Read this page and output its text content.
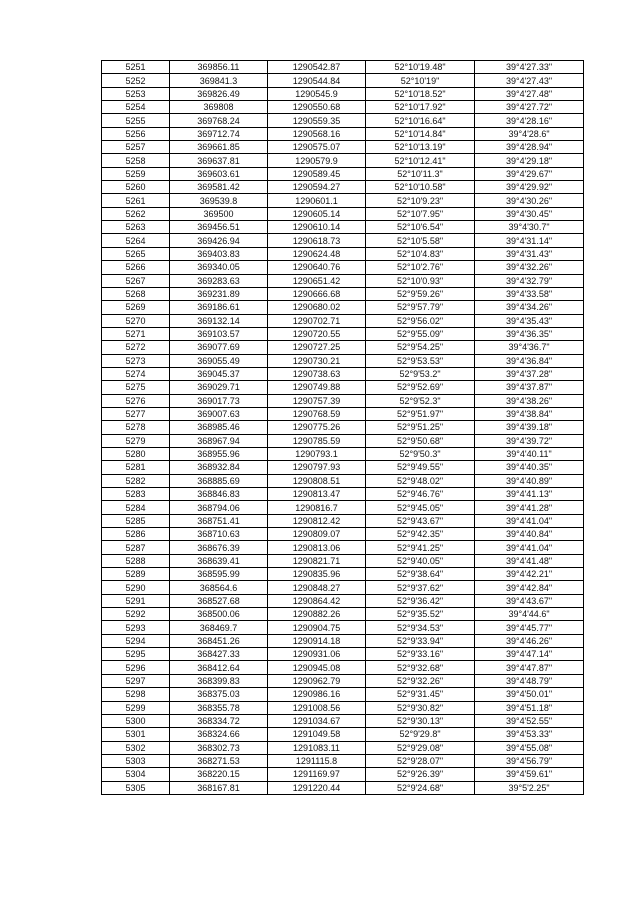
5251	369856.11	1290542.87	52°10'19.48"	39°4'27.33"
5252	369841.3	1290544.84	52°10'19"	39°4'27.43"
5253	369826.49	1290545.9	52°10'18.52"	39°4'27.48"
5254	369808	1290550.68	52°10'17.92"	39°4'27.72"
5255	369768.24	1290559.35	52°10'16.64"	39°4'28.16"
5256	369712.74	1290568.16	52°10'14.84"	39°4'28.6"
5257	369661.85	1290575.07	52°10'13.19"	39°4'28.94"
5258	369637.81	1290579.9	52°10'12.41"	39°4'29.18"
5259	369603.61	1290589.45	52°10'11.3"	39°4'29.67"
5260	369581.42	1290594.27	52°10'10.58"	39°4'29.92"
5261	369539.8	1290601.1	52°10'9.23"	39°4'30.26"
5262	369500	1290605.14	52°10'7.95"	39°4'30.45"
5263	369456.51	1290610.14	52°10'6.54"	39°4'30.7"
5264	369426.94	1290618.73	52°10'5.58"	39°4'31.14"
5265	369403.83	1290624.48	52°10'4.83"	39°4'31.43"
5266	369340.05	1290640.76	52°10'2.76"	39°4'32.26"
5267	369283.63	1290651.42	52°10'0.93"	39°4'32.79"
5268	369231.89	1290666.68	52°9'59.26"	39°4'33.58"
5269	369186.61	1290680.02	52°9'57.79"	39°4'34.26"
5270	369132.14	1290702.71	52°9'56.02"	39°4'35.43"
5271	369103.57	1290720.55	52°9'55.09"	39°4'36.35"
5272	369077.69	1290727.25	52°9'54.25"	39°4'36.7"
5273	369055.49	1290730.21	52°9'53.53"	39°4'36.84"
5274	369045.37	1290738.63	52°9'53.2"	39°4'37.28"
5275	369029.71	1290749.88	52°9'52.69"	39°4'37.87"
5276	369017.73	1290757.39	52°9'52.3"	39°4'38.26"
5277	369007.63	1290768.59	52°9'51.97"	39°4'38.84"
5278	368985.46	1290775.26	52°9'51.25"	39°4'39.18"
5279	368967.94	1290785.59	52°9'50.68"	39°4'39.72"
5280	368955.96	1290793.1	52°9'50.3"	39°4'40.11"
5281	368932.84	1290797.93	52°9'49.55"	39°4'40.35"
5282	368885.69	1290808.51	52°9'48.02"	39°4'40.89"
5283	368846.83	1290813.47	52°9'46.76"	39°4'41.13"
5284	368794.06	1290816.7	52°9'45.05"	39°4'41.28"
5285	368751.41	1290812.42	52°9'43.67"	39°4'41.04"
5286	368710.63	1290809.07	52°9'42.35"	39°4'40.84"
5287	368676.39	1290813.06	52°9'41.25"	39°4'41.04"
5288	368639.41	1290821.71	52°9'40.05"	39°4'41.48"
5289	368595.99	1290835.96	52°9'38.64"	39°4'42.21"
5290	368564.6	1290848.27	52°9'37.62"	39°4'42.84"
5291	368527.68	1290864.42	52°9'36.42"	39°4'43.67"
5292	368500.06	1290882.26	52°9'35.52"	39°4'44.6"
5293	368469.7	1290904.75	52°9'34.53"	39°4'45.77"
5294	368451.26	1290914.18	52°9'33.94"	39°4'46.26"
5295	368427.33	1290931.06	52°9'33.16"	39°4'47.14"
5296	368412.64	1290945.08	52°9'32.68"	39°4'47.87"
5297	368399.83	1290962.79	52°9'32.26"	39°4'48.79"
5298	368375.03	1290986.16	52°9'31.45"	39°4'50.01"
5299	368355.78	1291008.56	52°9'30.82"	39°4'51.18"
5300	368334.72	1291034.67	52°9'30.13"	39°4'52.55"
5301	368324.66	1291049.58	52°9'29.8"	39°4'53.33"
5302	368302.73	1291083.11	52°9'29.08"	39°4'55.08"
5303	368271.53	1291115.8	52°9'28.07"	39°4'56.79"
5304	368220.15	1291169.97	52°9'26.39"	39°4'59.61"
5305	368167.81	1291220.44	52°9'24.68"	39°5'2.25"
